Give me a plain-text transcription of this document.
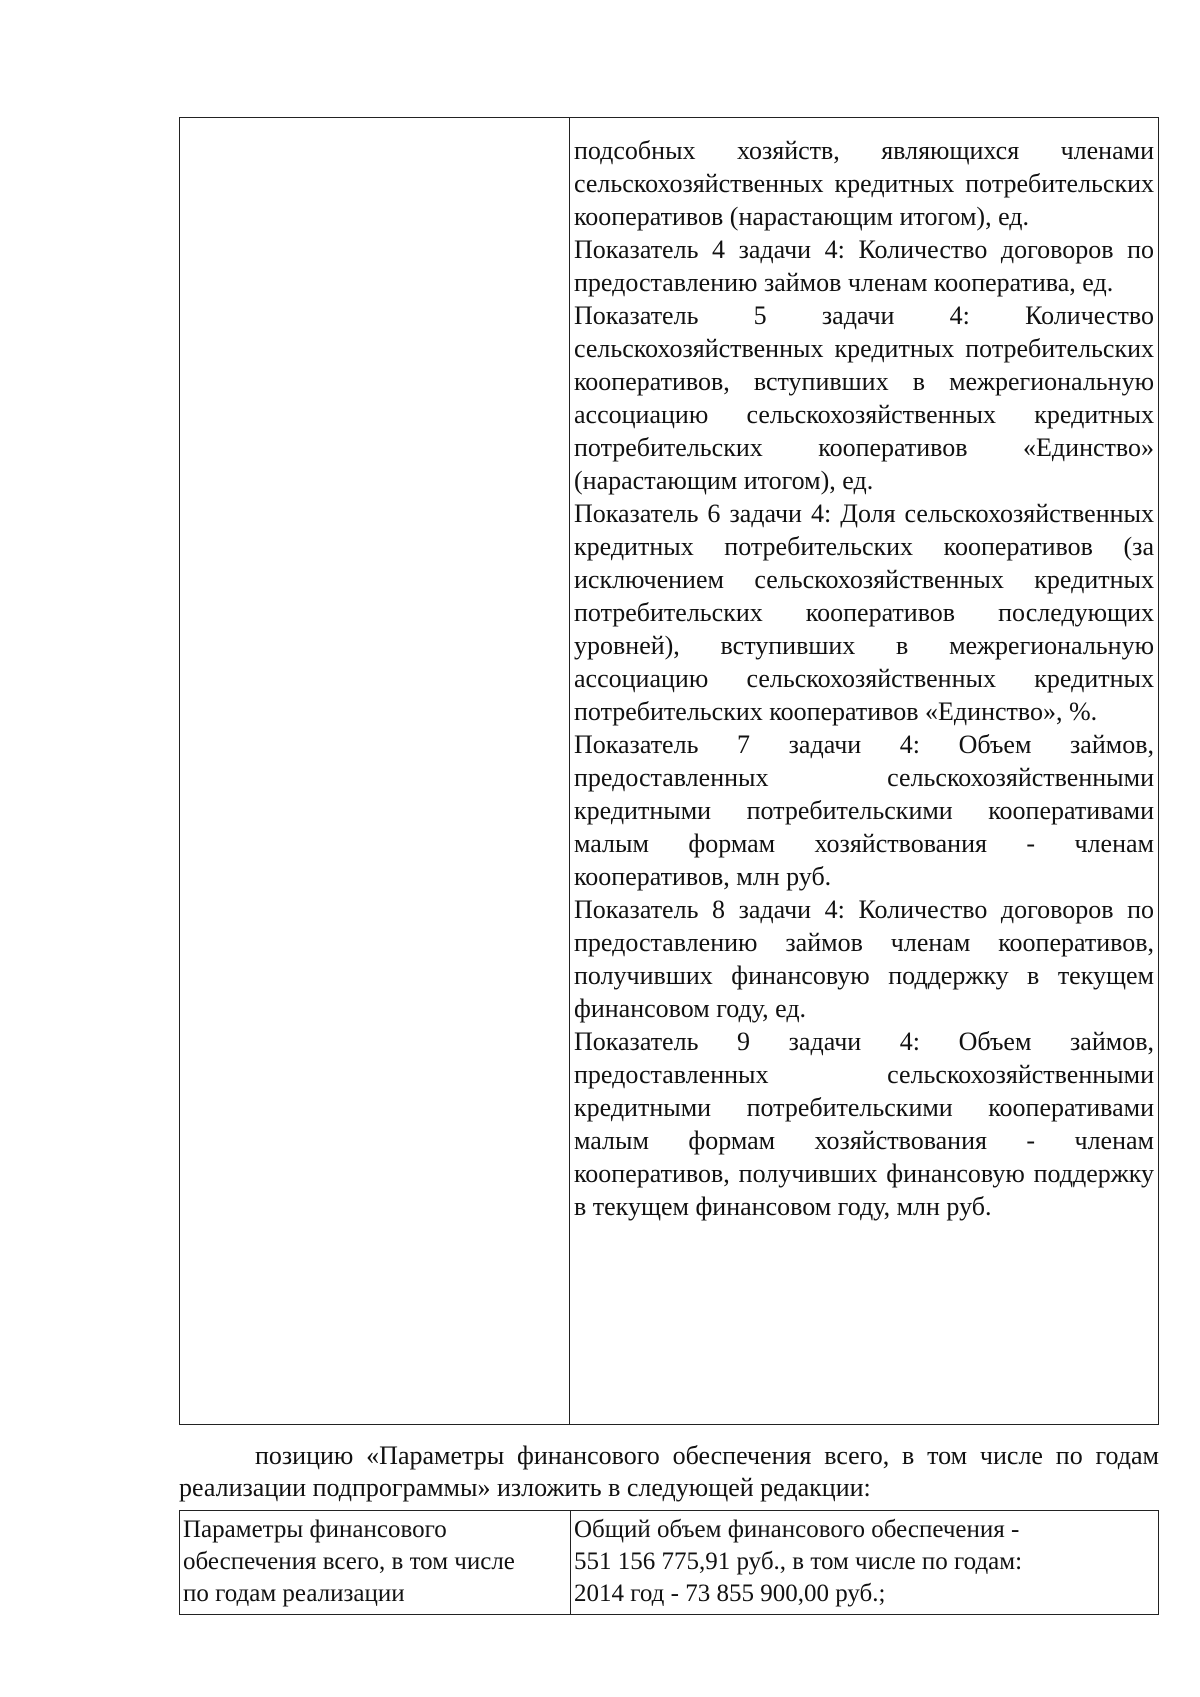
подсобных хозяйств, являющихся членами сельскохозяйственных кредитных потребительских кооперативов (нарастающим итогом), ед.

Показатель 4 задачи 4: Количество договоров по предоставлению займов членам кооператива, ед.

Показатель 5 задачи 4: Количество сельскохозяйственных кредитных потребительских кооперативов, вступивших в межрегиональную ассоциацию сельскохозяйственных кредитных потребительских кооперативов «Единство» (нарастающим итогом), ед.

Показатель 6 задачи 4: Доля сельскохозяйственных кредитных потребительских кооперативов (за исключением сельскохозяйственных кредитных потребительских кооперативов последующих уровней), вступивших в межрегиональную ассоциацию сельскохозяйственных кредитных потребительских кооперативов «Единство», %.

Показатель 7 задачи 4: Объем займов, предоставленных сельскохозяйственными кредитными потребительскими кооперативами малым формам хозяйствования - членам кооперативов, млн руб.

Показатель 8 задачи 4: Количество договоров по предоставлению займов членам кооперативов, получивших финансовую поддержку в текущем финансовом году, ед.

Показатель 9 задачи 4: Объем займов, предоставленных сельскохозяйственными кредитными потребительскими кооперативами малым формам хозяйствования - членам кооперативов, получивших финансовую поддержку в текущем финансовом году, млн руб.

позицию «Параметры финансового обеспечения всего, в том числе по годам реализации подпрограммы» изложить в следующей редакции:

Параметры финансового
обеспечения всего, в том числе
по годам реализации
Общий объем финансового обеспечения -
551 156 775,91 руб., в том числе по годам:
2014 год - 73 855 900,00 руб.;
